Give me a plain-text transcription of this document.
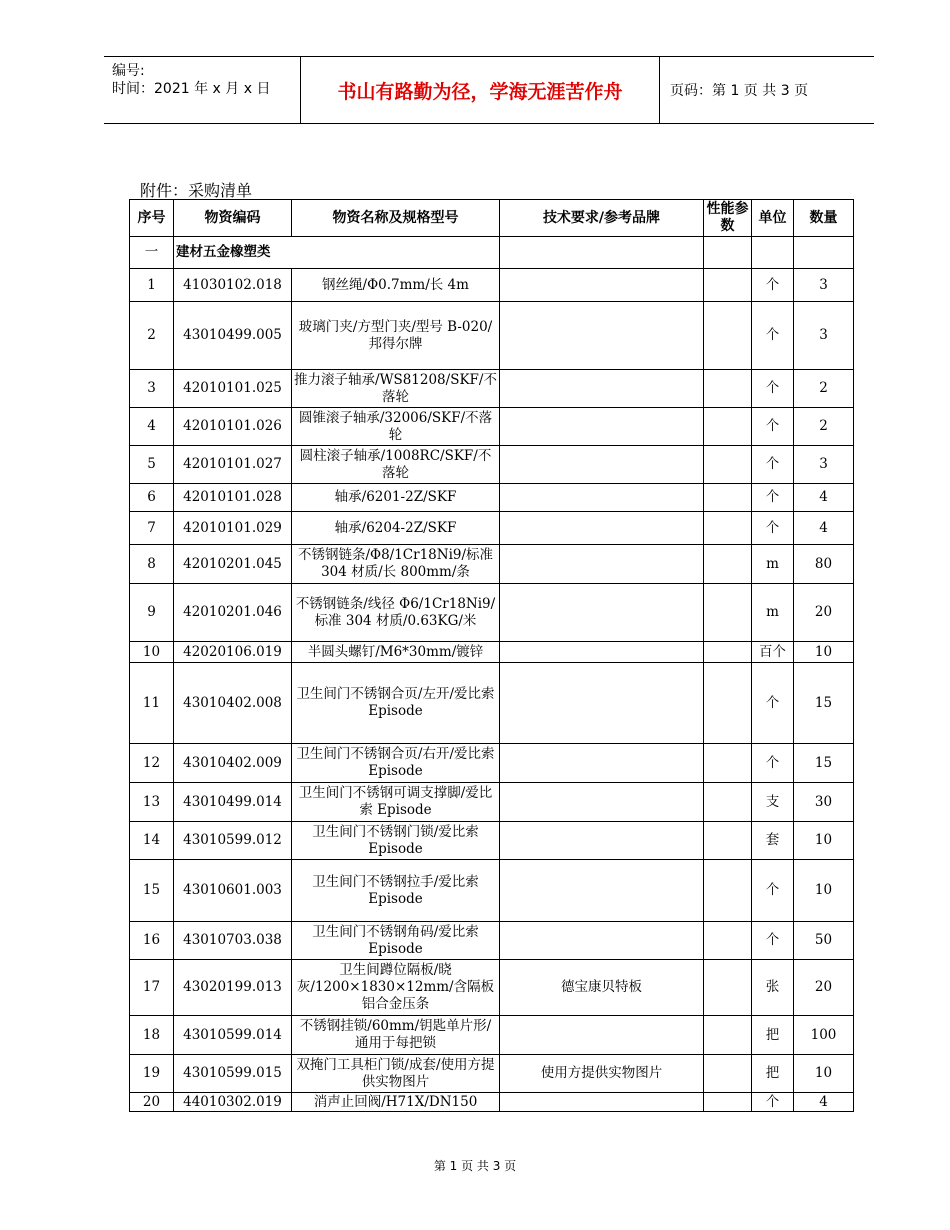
编号:
时间：2021 年 x 月 x 日	书山有路勤为径，学海无涯苦作舟	页码：第 1 页 共 3 页
附件：采购清单
序号	物资编码	物资名称及规格型号	技术要求/参考品牌	性能参数	单位	数量
一	建材五金橡塑类					
1	41030102.018	钢丝绳/Φ0.7mm/长 4m			个	3
2	43010499.005	玻璃门夹/方型门夹/型号 B-020/邦得尔牌			个	3
3	42010101.025	推力滚子轴承/WS81208/SKF/不落轮			个	2
4	42010101.026	圆锥滚子轴承/32006/SKF/不落轮			个	2
5	42010101.027	圆柱滚子轴承/1008RC/SKF/不落轮			个	3
6	42010101.028	轴承/6201-2Z/SKF			个	4
7	42010101.029	轴承/6204-2Z/SKF			个	4
8	42010201.045	不锈钢链条/Φ8/1Cr18Ni9/标准 304 材质/长 800mm/条			m	80
9	42010201.046	不锈钢链条/线径 Φ6/1Cr18Ni9/标准 304 材质/0.63KG/米			m	20
10	42020106.019	半圆头螺钉/M6*30mm/镀锌			百个	10
11	43010402.008	卫生间门不锈钢合页/左开/爱比索 Episode			个	15
12	43010402.009	卫生间门不锈钢合页/右开/爱比索 Episode			个	15
13	43010499.014	卫生间门不锈钢可调支撑脚/爱比索 Episode			支	30
14	43010599.012	卫生间门不锈钢门锁/爱比索 Episode			套	10
15	43010601.003	卫生间门不锈钢拉手/爱比索 Episode			个	10
16	43010703.038	卫生间门不锈钢角码/爱比索 Episode			个	50
17	43020199.013	卫生间蹲位隔板/晓灰/1200×1830×12mm/含隔板铝合金压条	德宝康贝特板		张	20
18	43010599.014	不锈钢挂锁/60mm/钥匙单片形/通用于每把锁			把	100
19	43010599.015	双掩门工具柜门锁/成套/使用方提供实物图片	使用方提供实物图片		把	10
20	44010302.019	消声止回阀/H71X/DN150			个	4
第 1 页 共 3 页
